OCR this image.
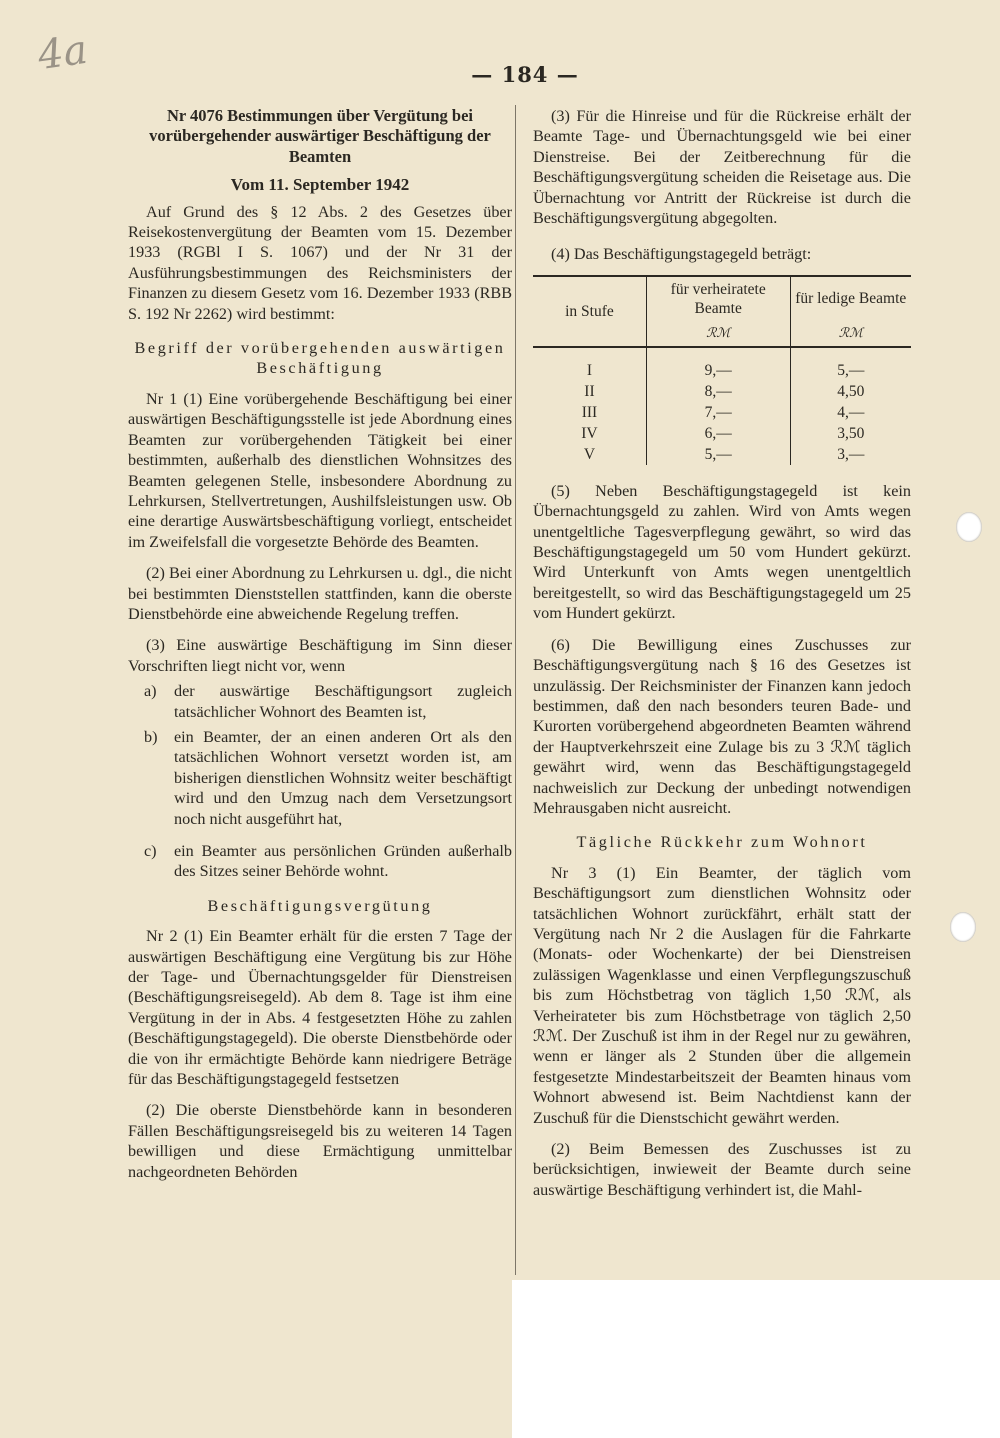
4a	— 184 —

Nr 4076 Bestimmungen über Vergütung bei vorübergehender auswärtiger Beschäftigung der Beamten

Vom 11. September 1942

Auf Grund des § 12 Abs. 2 des Gesetzes über Reisekostenvergütung der Beamten vom 15. Dezember 1933 (RGBl I S. 1067) und der Nr 31 der Ausführungsbestimmungen des Reichsministers der Finanzen zu diesem Gesetz vom 16. Dezember 1933 (RBB S. 192 Nr 2262) wird bestimmt:

Begriff der vorübergehenden auswärtigen Beschäftigung

Nr 1 (1) Eine vorübergehende Beschäftigung bei einer auswärtigen Beschäftigungsstelle ist jede Abordnung eines Beamten zur vorübergehenden Tätigkeit bei einer bestimmten, außerhalb des dienstlichen Wohnsitzes des Beamten gelegenen Stelle, insbesondere Abordnung zu Lehrkursen, Stellvertretungen, Aushilfsleistungen usw. Ob eine derartige Auswärtsbeschäftigung vorliegt, entscheidet im Zweifelsfall die vorgesetzte Behörde des Beamten.

(2) Bei einer Abordnung zu Lehrkursen u. dgl., die nicht bei bestimmten Dienststellen stattfinden, kann die oberste Dienstbehörde eine abweichende Regelung treffen.

(3) Eine auswärtige Beschäftigung im Sinn dieser Vorschriften liegt nicht vor, wenn

a)	der auswärtige Beschäftigungsort zugleich tatsächlicher Wohnort des Beamten ist,
b)	ein Beamter, der an einen anderen Ort als den tatsächlichen Wohnort versetzt worden ist, am bisherigen dienstlichen Wohnsitz weiter beschäftigt wird und den Umzug nach dem Versetzungsort noch nicht ausgeführt hat,
c)	ein Beamter aus persönlichen Gründen außerhalb des Sitzes seiner Behörde wohnt.

Beschäftigungsvergütung

Nr 2 (1) Ein Beamter erhält für die ersten 7 Tage der auswärtigen Beschäftigung eine Vergütung bis zur Höhe der Tage- und Übernachtungsgelder für Dienstreisen (Beschäftigungsreisegeld). Ab dem 8. Tage ist ihm eine Vergütung in der in Abs. 4 festgesetzten Höhe zu zahlen (Beschäftigungstagegeld). Die oberste Dienstbehörde oder die von ihr ermächtigte Behörde kann niedrigere Beträge für das Beschäftigungstagegeld festsetzen

(2) Die oberste Dienstbehörde kann in besonderen Fällen Beschäftigungsreisegeld bis zu weiteren 14 Tagen bewilligen und diese Ermächtigung unmittelbar nachgeordneten Behörden

(3) Für die Hinreise und für die Rückreise erhält der Beamte Tage- und Übernachtungsgeld wie bei einer Dienstreise. Bei der Zeitberechnung für die Beschäftigungsvergütung scheiden die Reisetage aus. Die Übernachtung vor Antritt der Rückreise ist durch die Beschäftigungsvergütung abgegolten.

(4) Das Beschäftigungstagegeld beträgt:

in Stufe	für verheiratete Beamte	für ledige Beamte
	ℛℳ	ℛℳ
I	9,—	5,—
II	8,—	4,50
III	7,—	4,—
IV	6,—	3,50
V	5,—	3,—

(5) Neben Beschäftigungstagegeld ist kein Übernachtungsgeld zu zahlen. Wird von Amts wegen unentgeltliche Tagesverpflegung gewährt, so wird das Beschäftigungstagegeld um 50 vom Hundert gekürzt. Wird Unterkunft von Amts wegen unentgeltlich bereitgestellt, so wird das Beschäftigungstagegeld um 25 vom Hundert gekürzt.

(6) Die Bewilligung eines Zuschusses zur Beschäftigungsvergütung nach § 16 des Gesetzes ist unzulässig. Der Reichsminister der Finanzen kann jedoch bestimmen, daß den nach besonders teuren Bade- und Kurorten vorübergehend abgeordneten Beamten während der Hauptverkehrszeit eine Zulage bis zu 3 ℛℳ täglich gewährt wird, wenn das Beschäftigungstagegeld nachweislich zur Deckung der unbedingt notwendigen Mehrausgaben nicht ausreicht.

Tägliche Rückkehr zum Wohnort

Nr 3 (1) Ein Beamter, der täglich vom Beschäftigungsort zum dienstlichen Wohnsitz oder tatsächlichen Wohnort zurückfährt, erhält statt der Vergütung nach Nr 2 die Auslagen für die Fahrkarte (Monats- oder Wochenkarte) der bei Dienstreisen zulässigen Wagenklasse und einen Verpflegungszuschuß bis zum Höchstbetrag von täglich 1,50 ℛℳ, als Verheirateter bis zum Höchstbetrage von täglich 2,50 ℛℳ. Der Zuschuß ist ihm in der Regel nur zu gewähren, wenn er länger als 2 Stunden über die allgemein festgesetzte Mindestarbeitszeit der Beamten hinaus vom Wohnort abwesend ist. Beim Nachtdienst kann der Zuschuß für die Dienstschicht gewährt werden.

(2) Beim Bemessen des Zuschusses ist zu berücksichtigen, inwieweit der Beamte durch seine auswärtige Beschäftigung verhindert ist, die Mahl-
